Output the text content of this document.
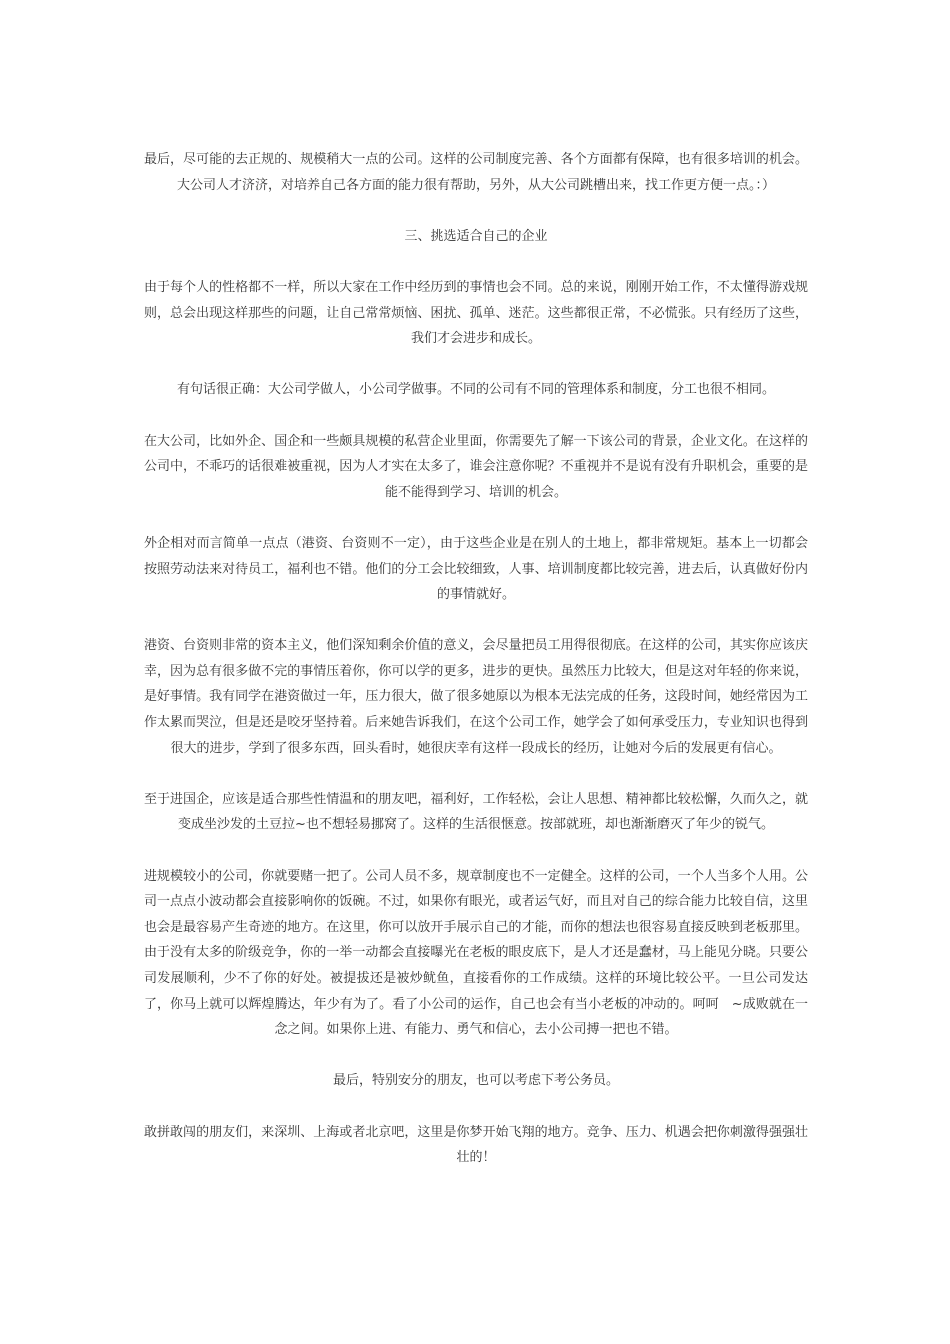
最后，尽可能的去正规的、规模稍大一点的公司。这样的公司制度完善、各个方面都有保障，也有很多培训的机会。大公司人才济济，对培养自己各方面的能力很有帮助，另外，从大公司跳槽出来，找工作更方便一点。：）

三、挑选适合自己的企业

由于每个人的性格都不一样，所以大家在工作中经历到的事情也会不同。总的来说，刚刚开始工作，不太懂得游戏规则，总会出现这样那些的问题，让自己常常烦恼、困扰、孤单、迷茫。这些都很正常，不必慌张。只有经历了这些，我们才会进步和成长。

有句话很正确：大公司学做人，小公司学做事。不同的公司有不同的管理体系和制度，分工也很不相同。

在大公司，比如外企、国企和一些颇具规模的私营企业里面，你需要先了解一下该公司的背景，企业文化。在这样的公司中，不乖巧的话很难被重视，因为人才实在太多了，谁会注意你呢？不重视并不是说有没有升职机会，重要的是能不能得到学习、培训的机会。

外企相对而言简单一点点（港资、台资则不一定），由于这些企业是在别人的土地上，都非常规矩。基本上一切都会按照劳动法来对待员工，福利也不错。他们的分工会比较细致，人事、培训制度都比较完善，进去后，认真做好份内的事情就好。

港资、台资则非常的资本主义，他们深知剩余价值的意义，会尽量把员工用得很彻底。在这样的公司，其实你应该庆幸，因为总有很多做不完的事情压着你，你可以学的更多，进步的更快。虽然压力比较大，但是这对年轻的你来说，是好事情。我有同学在港资做过一年，压力很大，做了很多她原以为根本无法完成的任务，这段时间，她经常因为工作太累而哭泣，但是还是咬牙坚持着。后来她告诉我们，在这个公司工作，她学会了如何承受压力，专业知识也得到很大的进步，学到了很多东西，回头看时，她很庆幸有这样一段成长的经历，让她对今后的发展更有信心。

至于进国企，应该是适合那些性情温和的朋友吧，福利好，工作轻松，会让人思想、精神都比较松懈，久而久之，就变成坐沙发的土豆拉~也不想轻易挪窝了。这样的生活很惬意。按部就班，却也渐渐磨灭了年少的锐气。

进规模较小的公司，你就要赌一把了。公司人员不多，规章制度也不一定健全。这样的公司，一个人当多个人用。公司一点点小波动都会直接影响你的饭碗。不过，如果你有眼光，或者运气好，而且对自己的综合能力比较自信，这里也会是最容易产生奇迹的地方。在这里，你可以放开手展示自己的才能，而你的想法也很容易直接反映到老板那里。由于没有太多的阶级竞争，你的一举一动都会直接曝光在老板的眼皮底下，是人才还是蠢材，马上能见分晓。只要公司发展顺利，少不了你的好处。被提拔还是被炒鱿鱼，直接看你的工作成绩。这样的环境比较公平。一旦公司发达了，你马上就可以辉煌腾达，年少有为了。看了小公司的运作，自己也会有当小老板的冲动的。呵呵　~成败就在一念之间。如果你上进、有能力、勇气和信心，去小公司搏一把也不错。

最后，特别安分的朋友，也可以考虑下考公务员。

敢拼敢闯的朋友们，来深圳、上海或者北京吧，这里是你梦开始飞翔的地方。竞争、压力、机遇会把你刺激得强强壮壮的！
